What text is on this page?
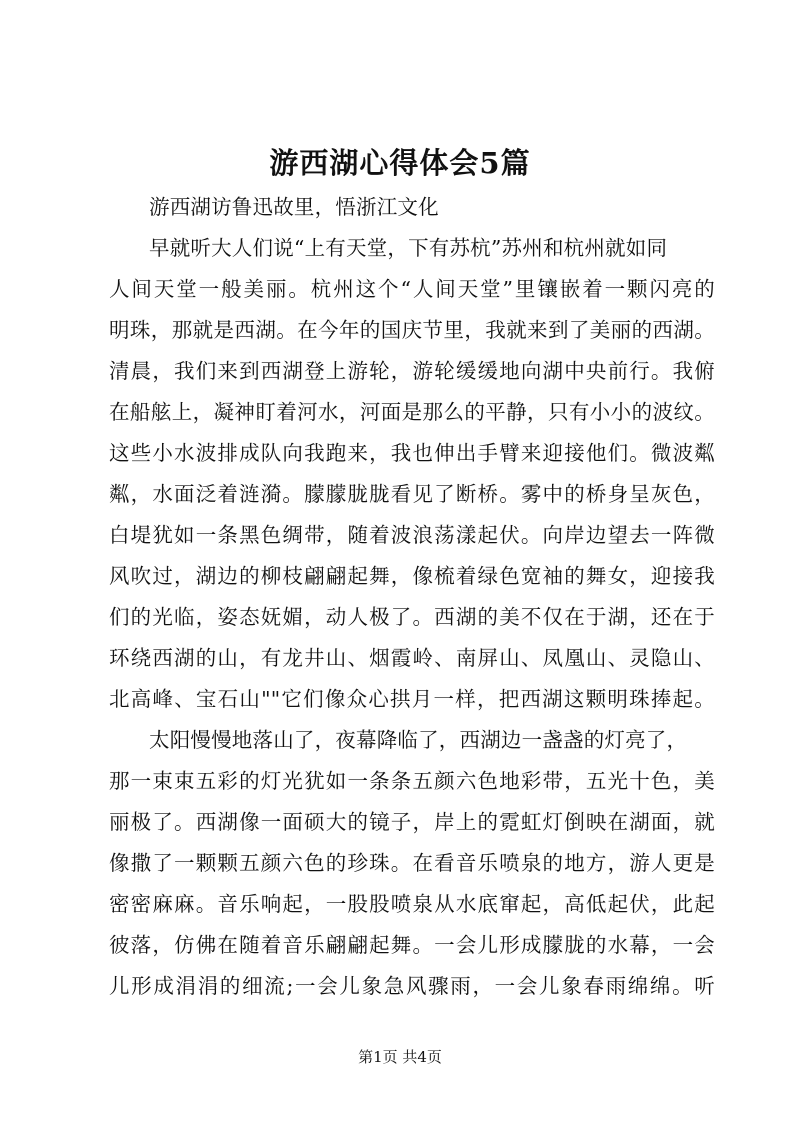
游西湖心得体会5篇
游西湖访鲁迅故里，悟浙江文化
早就听大人们说“上有天堂，下有苏杭”苏州和杭州就如同
人间天堂一般美丽。杭州这个“人间天堂”里镶嵌着一颗闪亮的
明珠，那就是西湖。在今年的国庆节里，我就来到了美丽的西湖。
清晨，我们来到西湖登上游轮，游轮缓缓地向湖中央前行。我俯
在船舷上，凝神盯着河水，河面是那么的平静，只有小小的波纹。
这些小水波排成队向我跑来，我也伸出手臂来迎接他们。微波粼
粼，水面泛着涟漪。朦朦胧胧看见了断桥。雾中的桥身呈灰色，
白堤犹如一条黑色绸带，随着波浪荡漾起伏。向岸边望去一阵微
风吹过，湖边的柳枝翩翩起舞，像梳着绿色宽袖的舞女，迎接我
们的光临，姿态妩媚，动人极了。西湖的美不仅在于湖，还在于
环绕西湖的山，有龙井山、烟霞岭、南屏山、凤凰山、灵隐山、
北高峰、宝石山""它们像众心拱月一样，把西湖这颗明珠捧起。
太阳慢慢地落山了，夜幕降临了，西湖边一盏盏的灯亮了，
那一束束五彩的灯光犹如一条条五颜六色地彩带，五光十色，美
丽极了。西湖像一面硕大的镜子，岸上的霓虹灯倒映在湖面，就
像撒了一颗颗五颜六色的珍珠。在看音乐喷泉的地方，游人更是
密密麻麻。音乐响起，一股股喷泉从水底窜起，高低起伏，此起
彼落，仿佛在随着音乐翩翩起舞。一会儿形成朦胧的水幕，一会
儿形成涓涓的细流;一会儿象急风骤雨，一会儿象春雨绵绵。听
第1页 共4页
